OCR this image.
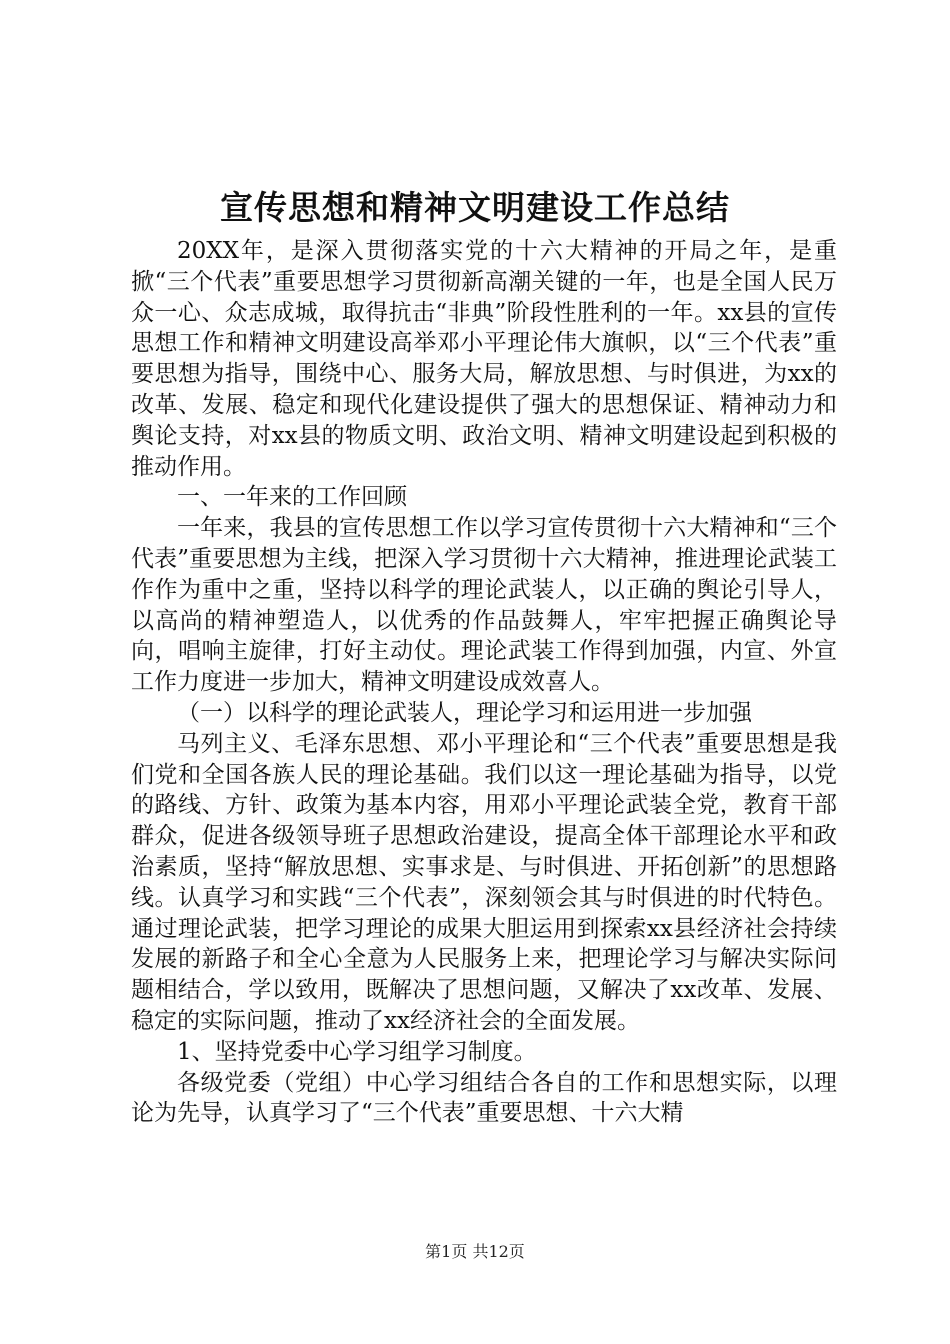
宣传思想和精神文明建设工作总结

20XX年，是深入贯彻落实党的十六大精神的开局之年，是重掀“三个代表”重要思想学习贯彻新高潮关键的一年，也是全国人民万众一心、众志成城，取得抗击“非典”阶段性胜利的一年。xx县的宣传思想工作和精神文明建设高举邓小平理论伟大旗帜，以“三个代表”重要思想为指导，围绕中心、服务大局，解放思想、与时俱进，为xx的改革、发展、稳定和现代化建设提供了强大的思想保证、精神动力和舆论支持，对xx县的物质文明、政治文明、精神文明建设起到积极的推动作用。

一、一年来的工作回顾

一年来，我县的宣传思想工作以学习宣传贯彻十六大精神和“三个代表”重要思想为主线，把深入学习贯彻十六大精神，推进理论武装工作作为重中之重，坚持以科学的理论武装人，以正确的舆论引导人，以高尚的精神塑造人，以优秀的作品鼓舞人，牢牢把握正确舆论导向，唱响主旋律，打好主动仗。理论武装工作得到加强，内宣、外宣工作力度进一步加大，精神文明建设成效喜人。

（一）以科学的理论武装人，理论学习和运用进一步加强

马列主义、毛泽东思想、邓小平理论和“三个代表”重要思想是我们党和全国各族人民的理论基础。我们以这一理论基础为指导，以党的路线、方针、政策为基本内容，用邓小平理论武装全党，教育干部群众，促进各级领导班子思想政治建设，提高全体干部理论水平和政治素质，坚持“解放思想、实事求是、与时俱进、开拓创新”的思想路线。认真学习和实践“三个代表”，深刻领会其与时俱进的时代特色。通过理论武装，把学习理论的成果大胆运用到探索xx县经济社会持续发展的新路子和全心全意为人民服务上来，把理论学习与解决实际问题相结合，学以致用，既解决了思想问题，又解决了xx改革、发展、稳定的实际问题，推动了xx经济社会的全面发展。

1、坚持党委中心学习组学习制度。

各级党委（党组）中心学习组结合各自的工作和思想实际，以理论为先导，认真学习了“三个代表”重要思想、十六大精

第1页 共12页
